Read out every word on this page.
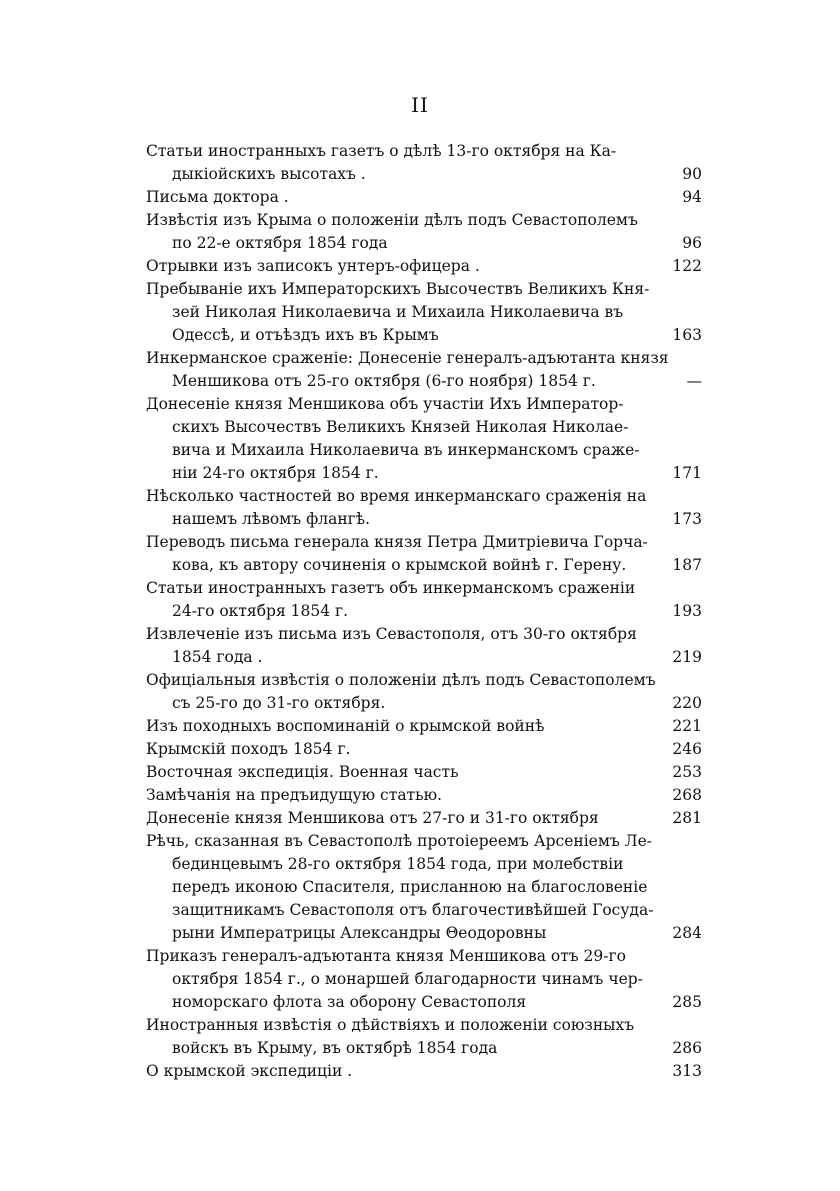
II
Статьи иностранныхъ газетъ о дѣлѣ 13-го октября на Ка-
дыкіойскихъ высотахъ .	90
Письма доктора .	94
Извѣстія изъ Крыма о положеніи дѣлъ подъ Севастополемъ
по 22-е октября 1854 года	96
Отрывки изъ записокъ унтеръ-офицера .	122
Пребываніе ихъ Императорскихъ Высочествъ Великихъ Кня-
зей Николая Николаевича и Михаила Николаевича въ
Одессѣ, и отъѣздъ ихъ въ Крымъ	163
Инкерманское сраженіе: Донесеніе генералъ-адъютанта князя
Меншикова отъ 25-го октября (6-го ноября) 1854 г.	—
Донесеніе князя Меншикова объ участіи Ихъ Император-
скихъ Высочествъ Великихъ Князей Николая Николае-
вича и Михаила Николаевича въ инкерманскомъ сраже-
ніи 24-го октября 1854 г.	171
Нѣсколько частностей во время инкерманскаго сраженія на
нашемъ лѣвомъ флангѣ.	173
Переводъ письма генерала князя Петра Дмитріевича Горча-
кова, къ автору сочиненія о крымской войнѣ г. Герену.	187
Статьи иностранныхъ газетъ объ инкерманскомъ сраженіи
24-го октября 1854 г.	193
Извлеченіе изъ письма изъ Севастополя, отъ 30-го октября
1854 года .	219
Офиціальныя извѣстія о положеніи дѣлъ подъ Севастополемъ
съ 25-го до 31-го октября.	220
Изъ походныхъ воспоминаній о крымской войнѣ	221
Крымскій походъ 1854 г.	246
Восточная экспедиція. Военная часть	253
Замѣчанія на предъидущую статью.	268
Донесеніе князя Меншикова отъ 27-го и 31-го октября	281
Рѣчь, сказанная въ Севастополѣ протоіереемъ Арсеніемъ Ле-
бединцевымъ 28-го октября 1854 года, при молебствіи
передъ иконою Спасителя, присланною на благословеніе
защитникамъ Севастополя отъ благочестивѣйшей Госуда-
рыни Императрицы Александры Θеодоровны	284
Приказъ генералъ-адъютанта князя Меншикова отъ 29-го
октября 1854 г., о монаршей благодарности чинамъ чер-
номорскаго флота за оборону Севастополя	285
Иностранныя извѣстія о дѣйствіяхъ и положеніи союзныхъ
войскъ въ Крыму, въ октябрѣ 1854 года	286
О крымской экспедиціи .	313
